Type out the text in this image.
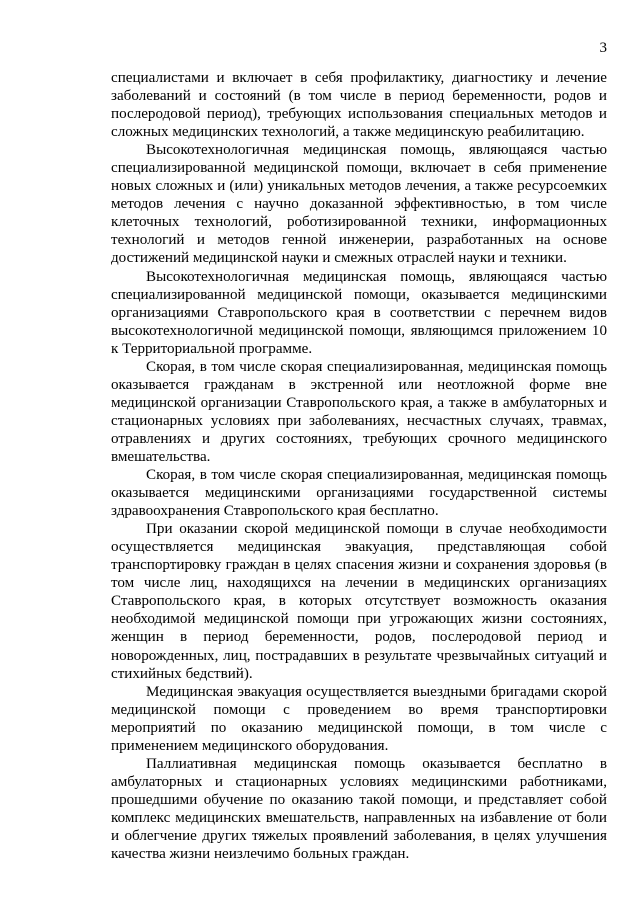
3

специалистами и включает в себя профилактику, диагностику и лечение заболеваний и состояний (в том числе в период беременности, родов и послеродовой период), требующих использования специальных методов и сложных медицинских технологий, а также медицинскую реабилитацию.

Высокотехнологичная медицинская помощь, являющаяся частью специализированной медицинской помощи, включает в себя применение новых сложных и (или) уникальных методов лечения, а также ресурсоемких методов лечения с научно доказанной эффективностью, в том числе клеточных технологий, роботизированной техники, информационных технологий и методов генной инженерии, разработанных на основе достижений медицинской науки и смежных отраслей науки и техники.

Высокотехнологичная медицинская помощь, являющаяся частью специализированной медицинской помощи, оказывается медицинскими организациями Ставропольского края в соответствии с перечнем видов высокотехнологичной медицинской помощи, являющимся приложением 10 к Территориальной программе.

Скорая, в том числе скорая специализированная, медицинская помощь оказывается гражданам в экстренной или неотложной форме вне медицинской организации Ставропольского края, а также в амбулаторных и стационарных условиях при заболеваниях, несчастных случаях, травмах, отравлениях и других состояниях, требующих срочного медицинского вмешательства.

Скорая, в том числе скорая специализированная, медицинская помощь оказывается медицинскими организациями государственной системы здравоохранения Ставропольского края бесплатно.

При оказании скорой медицинской помощи в случае необходимости осуществляется медицинская эвакуация, представляющая собой транспортировку граждан в целях спасения жизни и сохранения здоровья (в том числе лиц, находящихся на лечении в медицинских организациях Ставропольского края, в которых отсутствует возможность оказания необходимой медицинской помощи при угрожающих жизни состояниях, женщин в период беременности, родов, послеродовой период и новорожденных, лиц, пострадавших в результате чрезвычайных ситуаций и стихийных бедствий).

Медицинская эвакуация осуществляется выездными бригадами скорой медицинской помощи с проведением во время транспортировки мероприятий по оказанию медицинской помощи, в том числе с применением медицинского оборудования.

Паллиативная медицинская помощь оказывается бесплатно в амбулаторных и стационарных условиях медицинскими работниками, прошедшими обучение по оказанию такой помощи, и представляет собой комплекс медицинских вмешательств, направленных на избавление от боли и облегчение других тяжелых проявлений заболевания, в целях улучшения качества жизни неизлечимо больных граждан.
